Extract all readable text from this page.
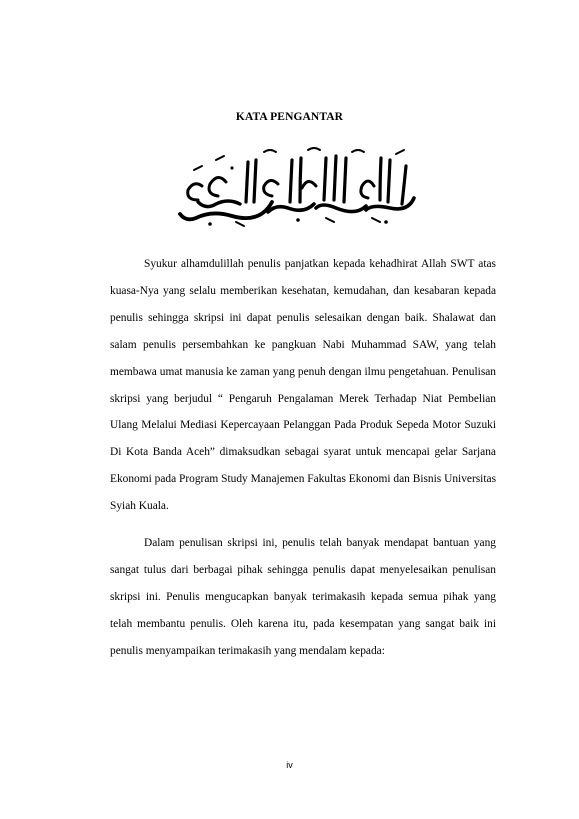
KATA PENGANTAR

Syukur alhamdulillah penulis panjatkan kepada kehadhirat Allah SWT atas kuasa-Nya yang selalu memberikan kesehatan, kemudahan, dan kesabaran kepada penulis sehingga skripsi ini dapat penulis selesaikan dengan baik. Shalawat dan salam penulis persembahkan ke pangkuan Nabi Muhammad SAW, yang telah membawa umat manusia ke zaman yang penuh dengan ilmu pengetahuan. Penulisan skripsi yang berjudul “ Pengaruh Pengalaman Merek Terhadap Niat Pembelian Ulang Melalui Mediasi Kepercayaan Pelanggan Pada Produk Sepeda Motor Suzuki Di Kota Banda Aceh” dimaksudkan sebagai syarat untuk mencapai gelar Sarjana Ekonomi pada Program Study Manajemen Fakultas Ekonomi dan Bisnis Universitas Syiah Kuala.

Dalam penulisan skripsi ini, penulis telah banyak mendapat bantuan yang sangat tulus dari berbagai pihak sehingga penulis dapat menyelesaikan penulisan skripsi ini. Penulis mengucapkan banyak terimakasih kepada semua pihak yang telah membantu penulis. Oleh karena itu, pada kesempatan yang sangat baik ini penulis menyampaikan terimakasih yang mendalam kepada:

iv
